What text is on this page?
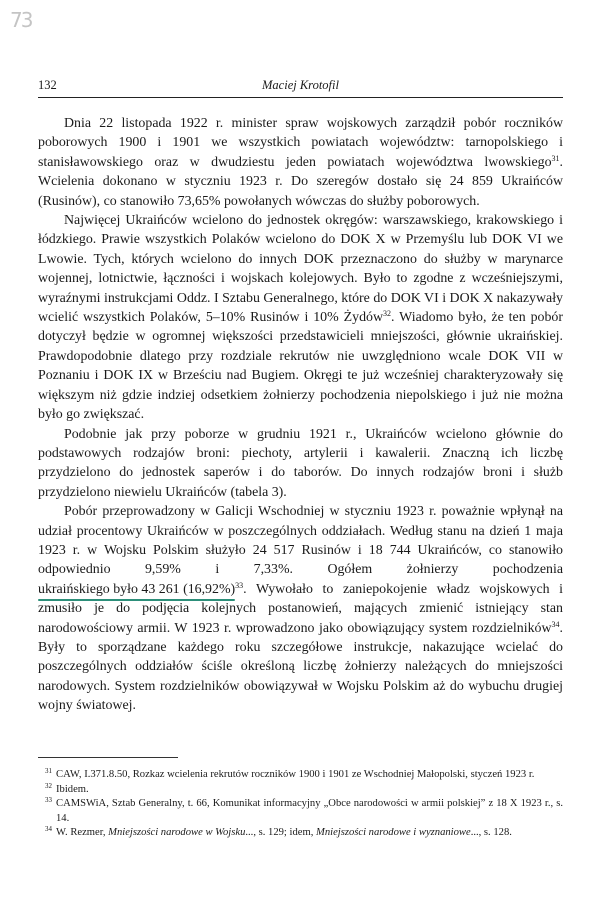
73
132	Maciej Krotofil

Dnia 22 listopada 1922 r. minister spraw wojskowych zarządził pobór roczników poborowych 1900 i 1901 we wszystkich powiatach województw: tarnopolskiego i stanisławowskiego oraz w dwudziestu jeden powiatach województwa lwowskiego$^{31}$. Wcielenia dokonano w styczniu 1923 r. Do szeregów dostało się 24 859 Ukraińców (Rusinów), co stanowiło 73,65% powołanych wówczas do służby poborowych.

Najwięcej Ukraińców wcielono do jednostek okręgów: warszawskiego, krakowskiego i łódzkiego. Prawie wszystkich Polaków wcielono do DOK X w Przemyślu lub DOK VI we Lwowie. Tych, których wcielono do innych DOK przeznaczono do służby w marynarce wojennej, lotnictwie, łączności i wojskach kolejowych. Było to zgodne z wcześniejszymi, wyraźnymi instrukcjami Oddz. I Sztabu Generalnego, które do DOK VI i DOK X nakazywały wcielić wszystkich Polaków, 5–10% Rusinów i 10% Żydów$^{32}$. Wiadomo było, że ten pobór dotyczył będzie w ogromnej większości przedstawicieli mniejszości, głównie ukraińskiej. Prawdopodobnie dlatego przy rozdziale rekrutów nie uwzględniono wcale DOK VII w Poznaniu i DOK IX w Brześciu nad Bugiem. Okręgi te już wcześniej charakteryzowały się większym niż gdzie indziej odsetkiem żołnierzy pochodzenia niepolskiego i już nie można było go zwiększać.

Podobnie jak przy poborze w grudniu 1921 r., Ukraińców wcielono głównie do podstawowych rodzajów broni: piechoty, artylerii i kawalerii. Znaczną ich liczbę przydzielono do jednostek saperów i do taborów. Do innych rodzajów broni i służb przydzielono niewielu Ukraińców (tabela 3).

Pobór przeprowadzony w Galicji Wschodniej w styczniu 1923 r. poważnie wpłynął na udział procentowy Ukraińców w poszczególnych oddziałach. Według stanu na dzień 1 maja 1923 r. w Wojsku Polskim służyło 24 517 Rusinów i 18 744 Ukraińców, co stanowiło odpowiednio 9,59% i 7,33%. Ogółem żołnierzy pochodzenia ukraińskiego było 43 261 $(16,92\%)^{33}$. Wywołało to zaniepokojenie władz wojskowych i zmusiło je do podjęcia kolejnych postanowień, mających zmienić istniejący stan narodowościowy armii. W 1923 r. wprowadzono jako obowiązujący system rozdzielników$^{34}$. Były to sporządzane każdego roku szczegółowe instrukcje, nakazujące wcielać do poszczególnych oddziałów ściśle określoną liczbę żołnierzy należących do mniejszości narodowych. System rozdzielników obowiązywał w Wojsku Polskim aż do wybuchu drugiej wojny światowej.

$^{31}$ CAW, I.371.8.50, Rozkaz wcielenia rekrutów roczników 1900 i 1901 ze Wschodniej Małopolski, styczeń 1923 r.

$^{32}$ Ibidem.

$^{33}$ CAMSWiA, Sztab Generalny, t. 66, Komunikat informacyjny „Obce narodowości w armii polskiej” z 18 X 1923 r., s. 14.

$^{34}$ W. Rezmer, Mniejszości narodowe w Wojsku..., s. 129; idem, Mniejszości narodowe i wyznaniowe..., s. 128.
